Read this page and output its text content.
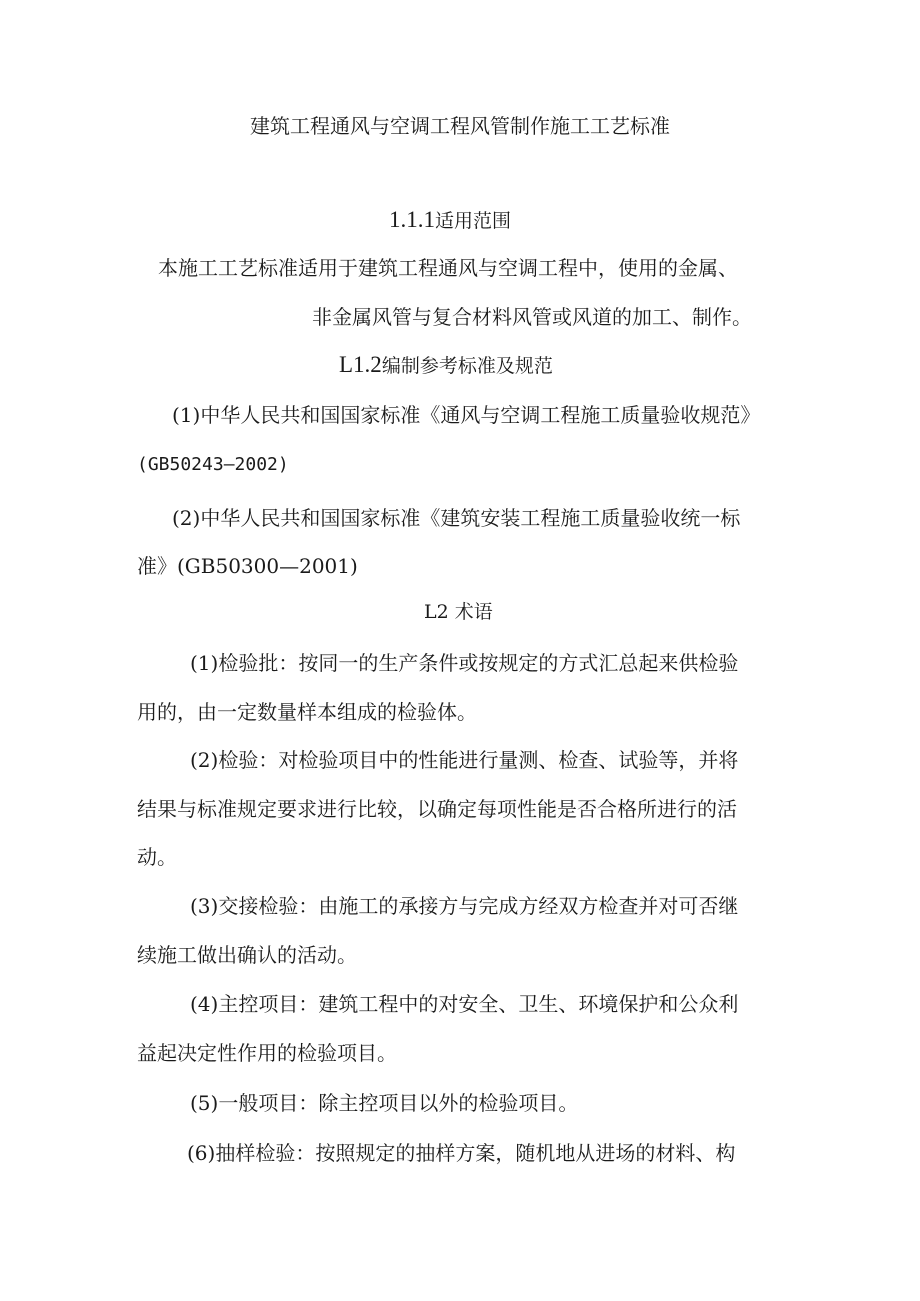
建筑工程通风与空调工程风管制作施工工艺标准
1.1.1适用范围
本施工工艺标准适用于建筑工程通风与空调工程中，使用的金属、
非金属风管与复合材料风管或风道的加工、制作。
L1.2编制参考标准及规范
(1)中华人民共和国国家标准《通风与空调工程施工质量验收规范》
(GB50243—2002)
(2)中华人民共和国国家标准《建筑安装工程施工质量验收统一标
准》(GB50300—2001)
L2 术语
(1)检验批：按同一的生产条件或按规定的方式汇总起来供检验
用的，由一定数量样本组成的检验体。
(2)检验：对检验项目中的性能进行量测、检查、试验等，并将
结果与标准规定要求进行比较，以确定每项性能是否合格所进行的活
动。
(3)交接检验：由施工的承接方与完成方经双方检查并对可否继
续施工做出确认的活动。
(4)主控项目：建筑工程中的对安全、卫生、环境保护和公众利
益起决定性作用的检验项目。
(5)一般项目：除主控项目以外的检验项目。
(6)抽样检验：按照规定的抽样方案，随机地从进场的材料、构
